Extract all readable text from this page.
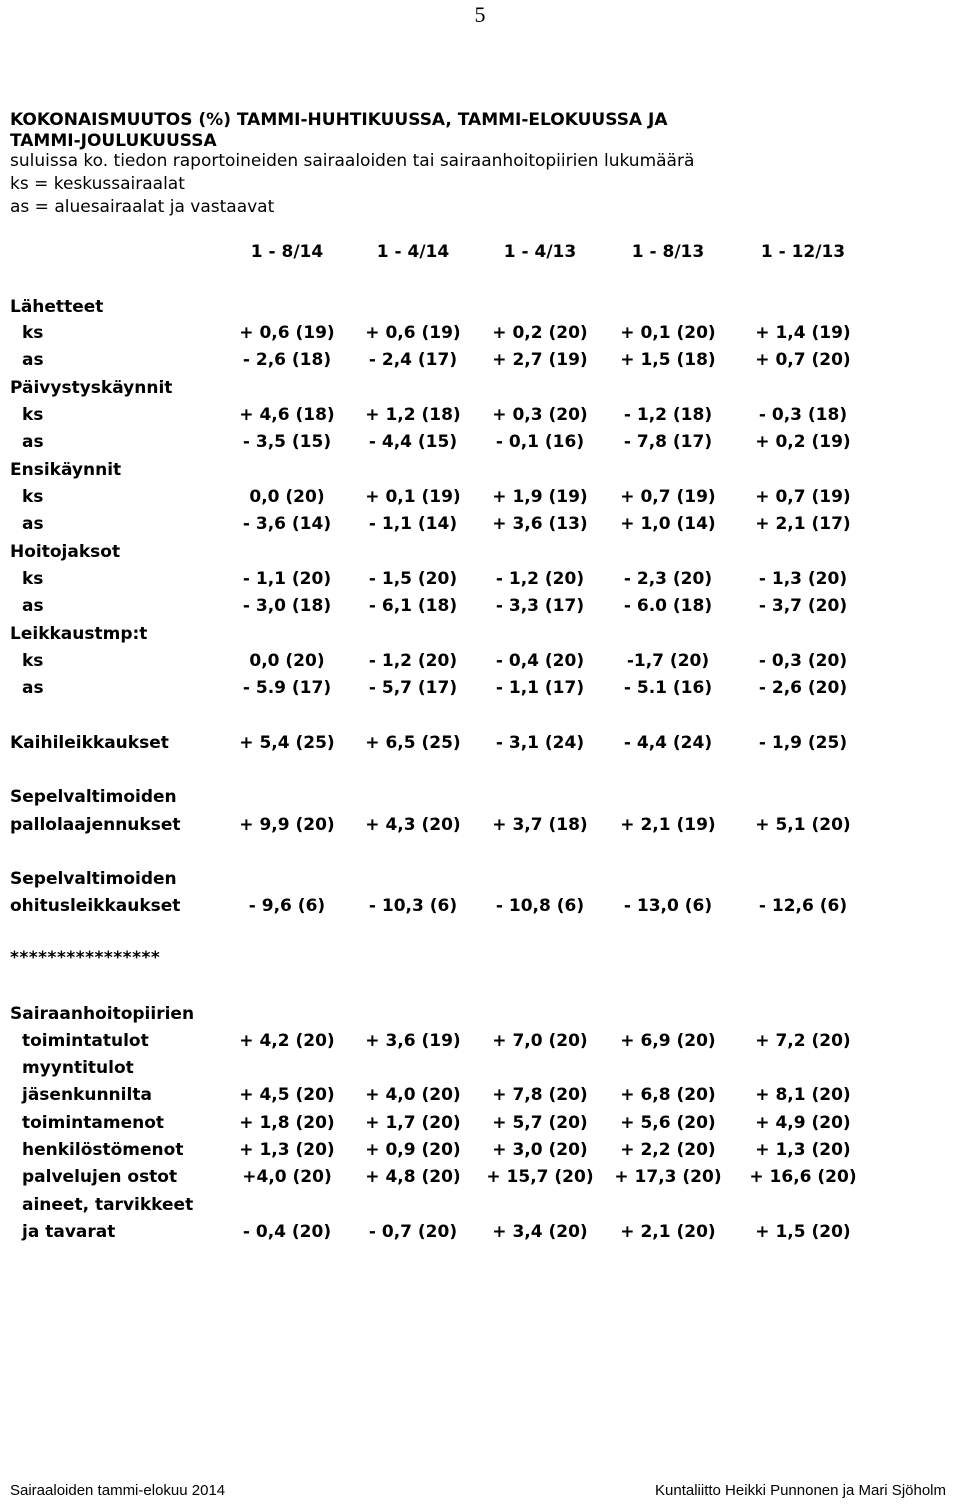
5
KOKONAISMUUTOS (%) TAMMI-HUHTIKUUSSA, TAMMI-ELOKUUSSA JA
TAMMI-JOULUKUUSSA
suluissa ko. tiedon raportoineiden sairaaloiden tai sairaanhoitopiirien lukumäärä
ks = keskussairaalat
as = aluesairaalat ja vastaavat
1 - 8/14	1 - 4/14	1 - 4/13	1 - 8/13	1 - 12/13
Lähetteet
ks	+ 0,6 (19)	+ 0,6 (19)	+ 0,2 (20)	+ 0,1 (20)	+ 1,4 (19)
as	- 2,6 (18)	- 2,4 (17)	+ 2,7 (19)	+ 1,5 (18)	+ 0,7 (20)
Päivystyskäynnit
ks	+ 4,6 (18)	+ 1,2 (18)	+ 0,3 (20)	- 1,2 (18)	- 0,3 (18)
as	- 3,5 (15)	- 4,4 (15)	- 0,1 (16)	- 7,8 (17)	+ 0,2 (19)
Ensikäynnit
ks	0,0 (20)	+ 0,1 (19)	+ 1,9 (19)	+ 0,7 (19)	+ 0,7 (19)
as	- 3,6 (14)	- 1,1 (14)	+ 3,6 (13)	+ 1,0 (14)	+ 2,1 (17)
Hoitojaksot
ks	- 1,1 (20)	- 1,5 (20)	- 1,2 (20)	- 2,3 (20)	- 1,3 (20)
as	- 3,0 (18)	- 6,1 (18)	- 3,3 (17)	- 6.0 (18)	- 3,7 (20)
Leikkaustmp:t
ks	0,0 (20)	- 1,2 (20)	- 0,4 (20)	-1,7 (20)	- 0,3 (20)
as	- 5.9 (17)	- 5,7 (17)	- 1,1 (17)	- 5.1 (16)	- 2,6 (20)
Kaihileikkaukset	+ 5,4 (25)	+ 6,5 (25)	- 3,1 (24)	- 4,4 (24)	- 1,9 (25)
Sepelvaltimoiden
pallolaajennukset	+ 9,9 (20)	+ 4,3 (20)	+ 3,7 (18)	+ 2,1 (19)	+ 5,1 (20)
Sepelvaltimoiden
ohitusleikkaukset	- 9,6 (6)	- 10,3 (6)	- 10,8 (6)	- 13,0 (6)	- 12,6 (6)
****************
Sairaanhoitopiirien
toimintatulot	+ 4,2 (20)	+ 3,6 (19)	+ 7,0 (20)	+ 6,9 (20)	+ 7,2 (20)
myyntitulot
jäsenkunnilta	+ 4,5 (20)	+ 4,0 (20)	+ 7,8 (20)	+ 6,8 (20)	+ 8,1 (20)
toimintamenot	+ 1,8 (20)	+ 1,7 (20)	+ 5,7 (20)	+ 5,6 (20)	+ 4,9 (20)
henkilöstömenot	+ 1,3 (20)	+ 0,9 (20)	+ 3,0 (20)	+ 2,2 (20)	+ 1,3 (20)
palvelujen ostot	+4,0 (20)	+ 4,8 (20)	+ 15,7 (20)	+ 17,3 (20)	+ 16,6 (20)
aineet, tarvikkeet
ja tavarat	- 0,4 (20)	- 0,7 (20)	+ 3,4 (20)	+ 2,1 (20)	+ 1,5 (20)
Sairaaloiden tammi-elokuu 2014	Kuntaliitto Heikki Punnonen ja Mari Sjöholm
